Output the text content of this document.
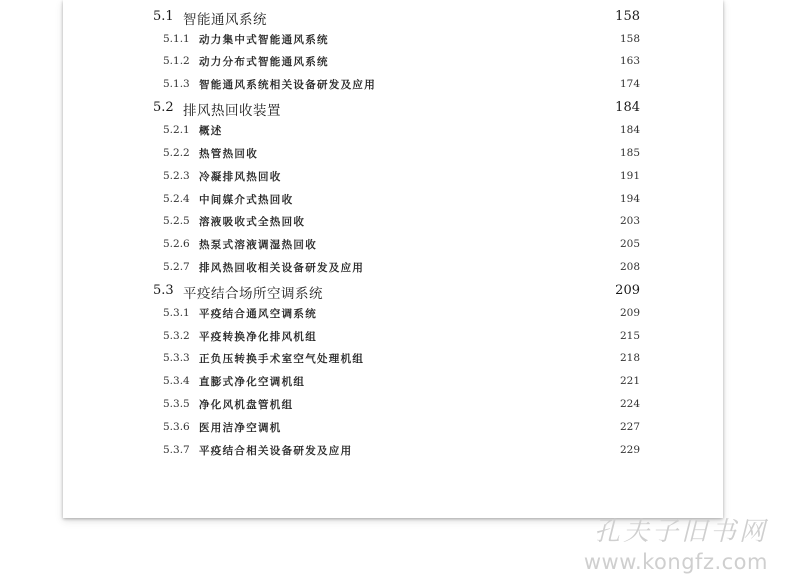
5.1 智能通风系统	158
5.1.1 动力集中式智能通风系统	158
5.1.2 动力分布式智能通风系统	163
5.1.3 智能通风系统相关设备研发及应用	174
5.2 排风热回收装置	184
5.2.1 概述	184
5.2.2 热管热回收	185
5.2.3 冷凝排风热回收	191
5.2.4 中间媒介式热回收	194
5.2.5 溶液吸收式全热回收	203
5.2.6 热泵式溶液调湿热回收	205
5.2.7 排风热回收相关设备研发及应用	208
5.3 平疫结合场所空调系统	209
5.3.1 平疫结合通风空调系统	209
5.3.2 平疫转换净化排风机组	215
5.3.3 正负压转换手术室空气处理机组	218
5.3.4 直膨式净化空调机组	221
5.3.5 净化风机盘管机组	224
5.3.6 医用洁净空调机	227
5.3.7 平疫结合相关设备研发及应用	229
孔夫子旧书网
www.kongfz.com
